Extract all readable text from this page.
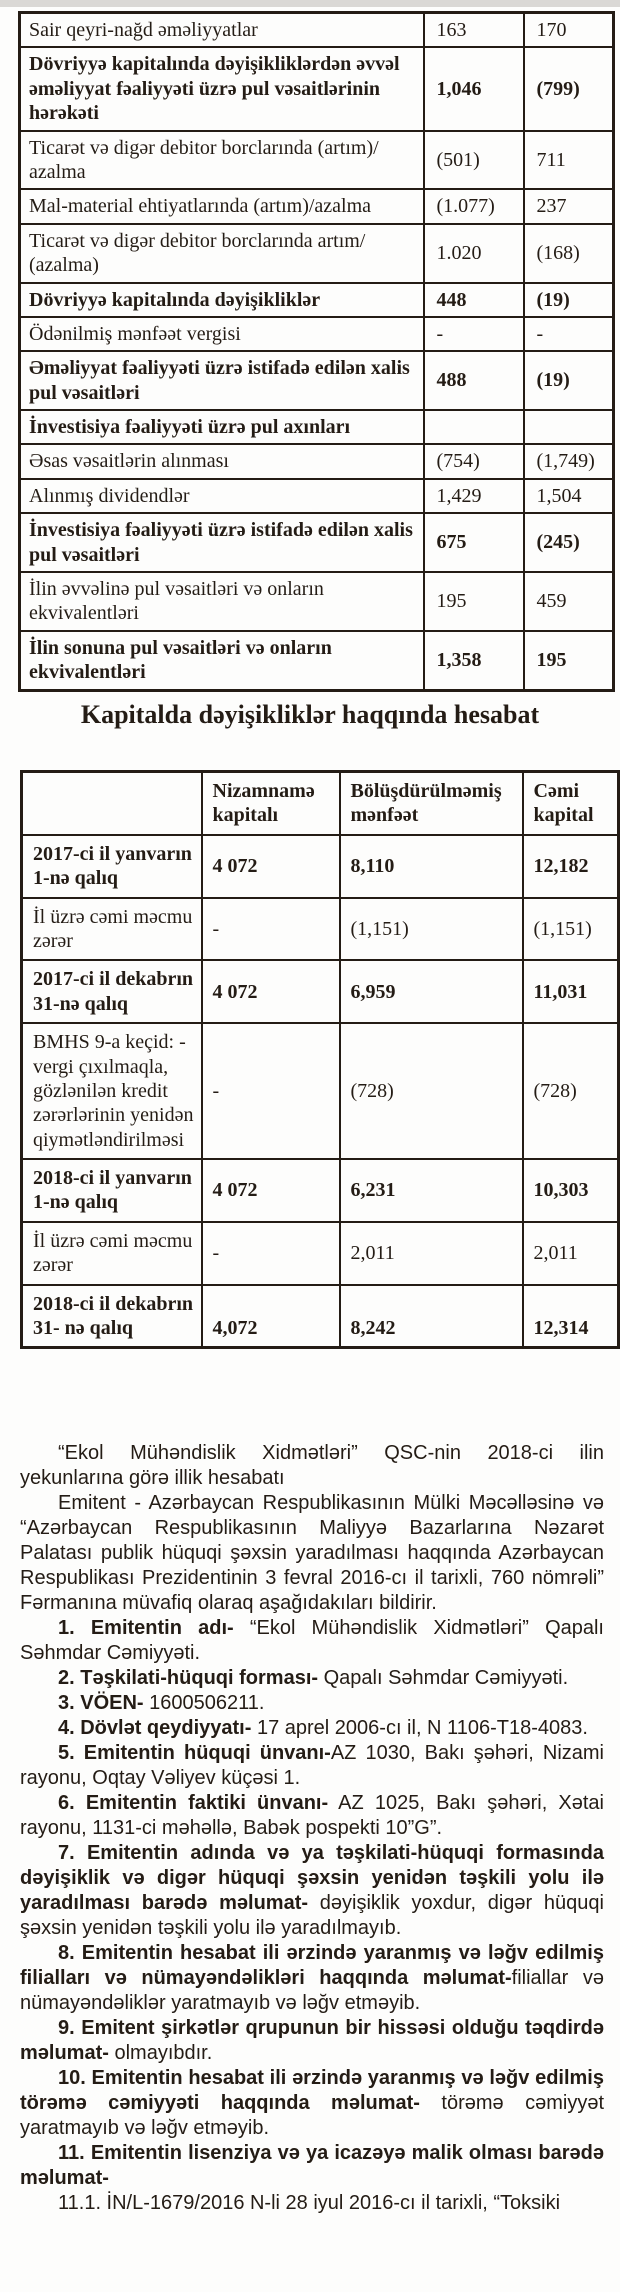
Sair qeyri-nağd əməliyyatlar	163	170
Dövriyyə kapitalında dəyişikliklərdən əvvəl əməliyyat fəaliyyəti üzrə pul vəsaitlərinin hərəkəti	1,046	(799)
Ticarət və digər debitor borclarında (artım)/ azalma	(501)	711
Mal-material ehtiyatlarında (artım)/azalma	(1.077)	237
Ticarət və digər debitor borclarında artım/ (azalma)	1.020	(168)
Dövriyyə kapitalında dəyişikliklər	448	(19)
Ödənilmiş mənfəət vergisi	-	-
Əməliyyat fəaliyyəti üzrə istifadə edilən xalis pul vəsaitləri	488	(19)
İnvestisiya fəaliyyəti üzrə pul axınları		
Əsas vəsaitlərin alınması	(754)	(1,749)
Alınmış dividendlər	1,429	1,504
İnvestisiya fəaliyyəti üzrə istifadə edilən xalis pul vəsaitləri	675	(245)
İlin əvvəlinə pul vəsaitləri və onların ekvivalentləri	195	459
İlin sonuna pul vəsaitləri və onların ekvivalentləri	1,358	195
Kapitalda dəyişikliklər haqqında hesabat
	Nizamnamə kapitalı	Bölüşdürülməmiş mənfəət	Cəmi kapital
2017-ci il yanvarın 1-nə qalıq	4 072	8,110	12,182
İl üzrə cəmi məcmu zərər	-	(1,151)	(1,151)
2017-ci il dekabrın 31-nə qalıq	4 072	6,959	11,031
BMHS 9-a keçid: -vergi çıxılmaqla, gözlənilən kredit zərərlərinin yenidən qiymətləndirilməsi	-	(728)	(728)
2018-ci il yanvarın 1-nə qalıq	4 072	6,231	10,303
İl üzrə cəmi məcmu zərər	-	2,011	2,011
2018-ci il dekabrın 31- nə qalıq	4,072	8,242	12,314

“Ekol Mühəndislik Xidmətləri” QSC-nin 2018-ci ilin yekunlarına görə illik hesabatı

Emitent - Azərbaycan Respublikasının Mülki Məcəlləsinə və “Azərbaycan Respublikasının Maliyyə Bazarlarına Nəzarət Palatası publik hüquqi şəxsin yaradılması haqqında Azərbaycan Respublikası Prezidentinin 3 fevral 2016-cı il tarixli, 760 nömrəli” Fərmanına müvafiq olaraq aşağıdakıları bildirir.

1. Emitentin adı- “Ekol Mühəndislik Xidmətləri” Qapalı Səhmdar Cəmiyyəti.

2. Təşkilati-hüquqi forması- Qapalı Səhmdar Cəmiyyəti.

3. VÖEN- 1600506211.

4. Dövlət qeydiyyatı- 17 aprel 2006-cı il, N 1106-T18-4083.

5. Emitentin hüquqi ünvanı-AZ 1030, Bakı şəhəri, Nizami rayonu, Oqtay Vəliyev küçəsi 1.

6. Emitentin faktiki ünvanı- AZ 1025, Bakı şəhəri, Xətai rayonu, 1131-ci məhəllə, Babək pospekti 10”G”.

7. Emitentin adında və ya təşkilati-hüquqi formasında dəyişiklik və digər hüquqi şəxsin yenidən təşkili yolu ilə yaradılması barədə məlumat- dəyişiklik yoxdur, digər hüquqi şəxsin yenidən təşkili yolu ilə yaradılmayıb.

8. Emitentin hesabat ili ərzində yaranmış və ləğv edilmiş filialları və nümayəndəlikləri haqqında məlumat-filiallar və nümayəndəliklər yaratmayıb və ləğv etməyib.

9. Emitent şirkətlər qrupunun bir hissəsi olduğu təqdirdə məlumat- olmayıbdır.

10. Emitentin hesabat ili ərzində yaranmış və ləğv edilmiş törəmə cəmiyyəti haqqında məlumat- törəmə cəmiyyət yaratmayıb və ləğv etməyib.

11. Emitentin lisenziya və ya icazəyə malik olması barədə məlumat-

11.1. İN/L-1679/2016 N-li 28 iyul 2016-cı il tarixli, “Toksiki
